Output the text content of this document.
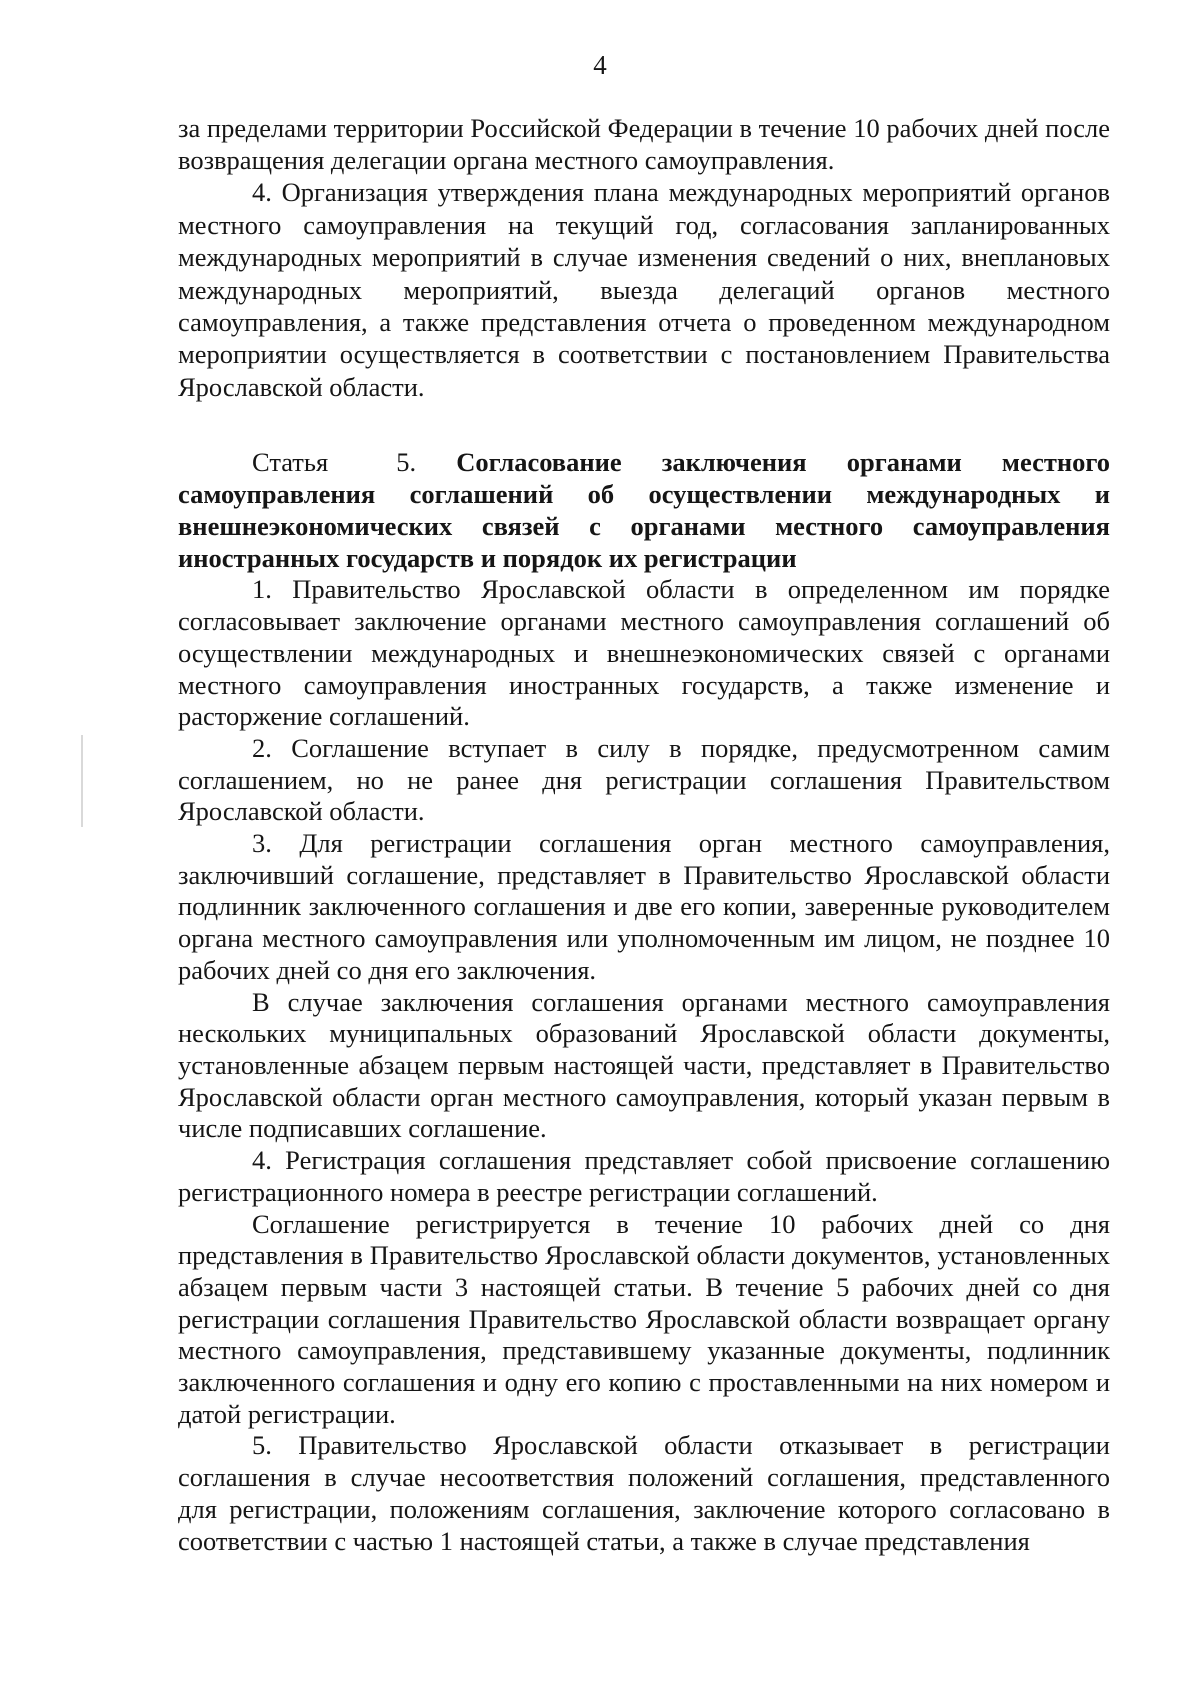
4

за пределами территории Российской Федерации в течение 10 рабочих дней после возвращения делегации органа местного самоуправления.

4. Организация утверждения плана международных мероприятий органов местного самоуправления на текущий год, согласования запланированных международных мероприятий в случае изменения сведений о них, внеплановых международных мероприятий, выезда делегаций органов местного самоуправления, а также представления отчета о проведенном международном мероприятии осуществляется в соответствии с постановлением Правительства Ярославской области.

Статья 5. Согласование заключения органами местного самоуправления соглашений об осуществлении международных и внешнеэкономических связей с органами местного самоуправления иностранных государств и порядок их регистрации

1. Правительство Ярославской области в определенном им порядке согласовывает заключение органами местного самоуправления соглашений об осуществлении международных и внешнеэкономических связей с органами местного самоуправления иностранных государств, а также изменение и расторжение соглашений.

2. Соглашение вступает в силу в порядке, предусмотренном самим соглашением, но не ранее дня регистрации соглашения Правительством Ярославской области.

3. Для регистрации соглашения орган местного самоуправления, заключивший соглашение, представляет в Правительство Ярославской области подлинник заключенного соглашения и две его копии, заверенные руководителем органа местного самоуправления или уполномоченным им лицом, не позднее 10 рабочих дней со дня его заключения.

В случае заключения соглашения органами местного самоуправления нескольких муниципальных образований Ярославской области документы, установленные абзацем первым настоящей части, представляет в Правительство Ярославской области орган местного самоуправления, который указан первым в числе подписавших соглашение.

4. Регистрация соглашения представляет собой присвоение соглашению регистрационного номера в реестре регистрации соглашений.

Соглашение регистрируется в течение 10 рабочих дней со дня представления в Правительство Ярославской области документов, установленных абзацем первым части 3 настоящей статьи. В течение 5 рабочих дней со дня регистрации соглашения Правительство Ярославской области возвращает органу местного самоуправления, представившему указанные документы, подлинник заключенного соглашения и одну его копию с проставленными на них номером и датой регистрации.

5. Правительство Ярославской области отказывает в регистрации соглашения в случае несоответствия положений соглашения, представленного для регистрации, положениям соглашения, заключение которого согласовано в соответствии с частью 1 настоящей статьи, а также в случае представления
